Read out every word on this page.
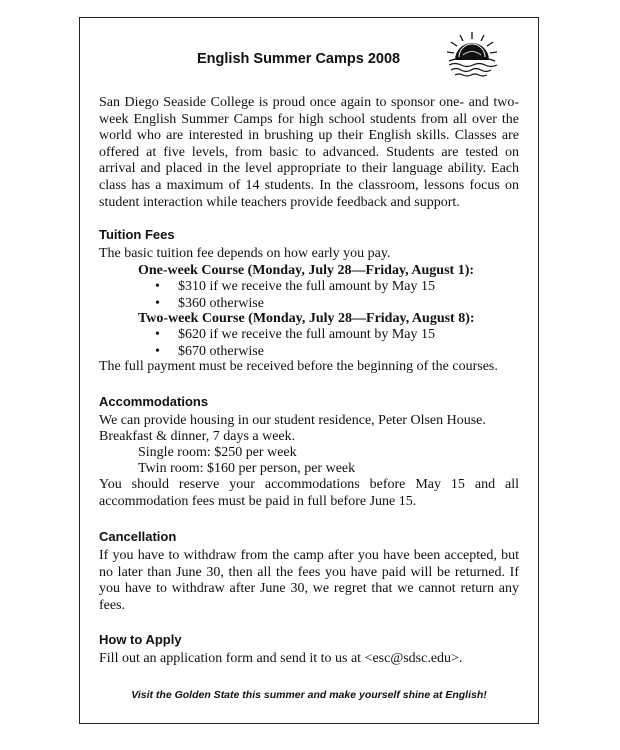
English Summer Camps 2008
San Diego Seaside College is proud once again to sponsor one- and two-week English Summer Camps for high school students from all over the world who are interested in brushing up their English skills. Classes are offered at five levels, from basic to advanced. Students are tested on arrival and placed in the level appropriate to their language ability. Each class has a maximum of 14 students. In the classroom, lessons focus on student interaction while teachers provide feedback and support.
Tuition Fees
The basic tuition fee depends on how early you pay.
One-week Course (Monday, July 28—Friday, August 1):
• $310 if we receive the full amount by May 15
• $360 otherwise
Two-week Course (Monday, July 28—Friday, August 8):
• $620 if we receive the full amount by May 15
• $670 otherwise
The full payment must be received before the beginning of the courses.
Accommodations
We can provide housing in our student residence, Peter Olsen House.
Breakfast & dinner, 7 days a week.
Single room: $250 per week
Twin room: $160 per person, per week
You should reserve your accommodations before May 15 and all accommodation fees must be paid in full before June 15.
Cancellation
If you have to withdraw from the camp after you have been accepted, but no later than June 30, then all the fees you have paid will be returned. If you have to withdraw after June 30, we regret that we cannot return any fees.
How to Apply
Fill out an application form and send it to us at <esc@sdsc.edu>.
Visit the Golden State this summer and make yourself shine at English!
